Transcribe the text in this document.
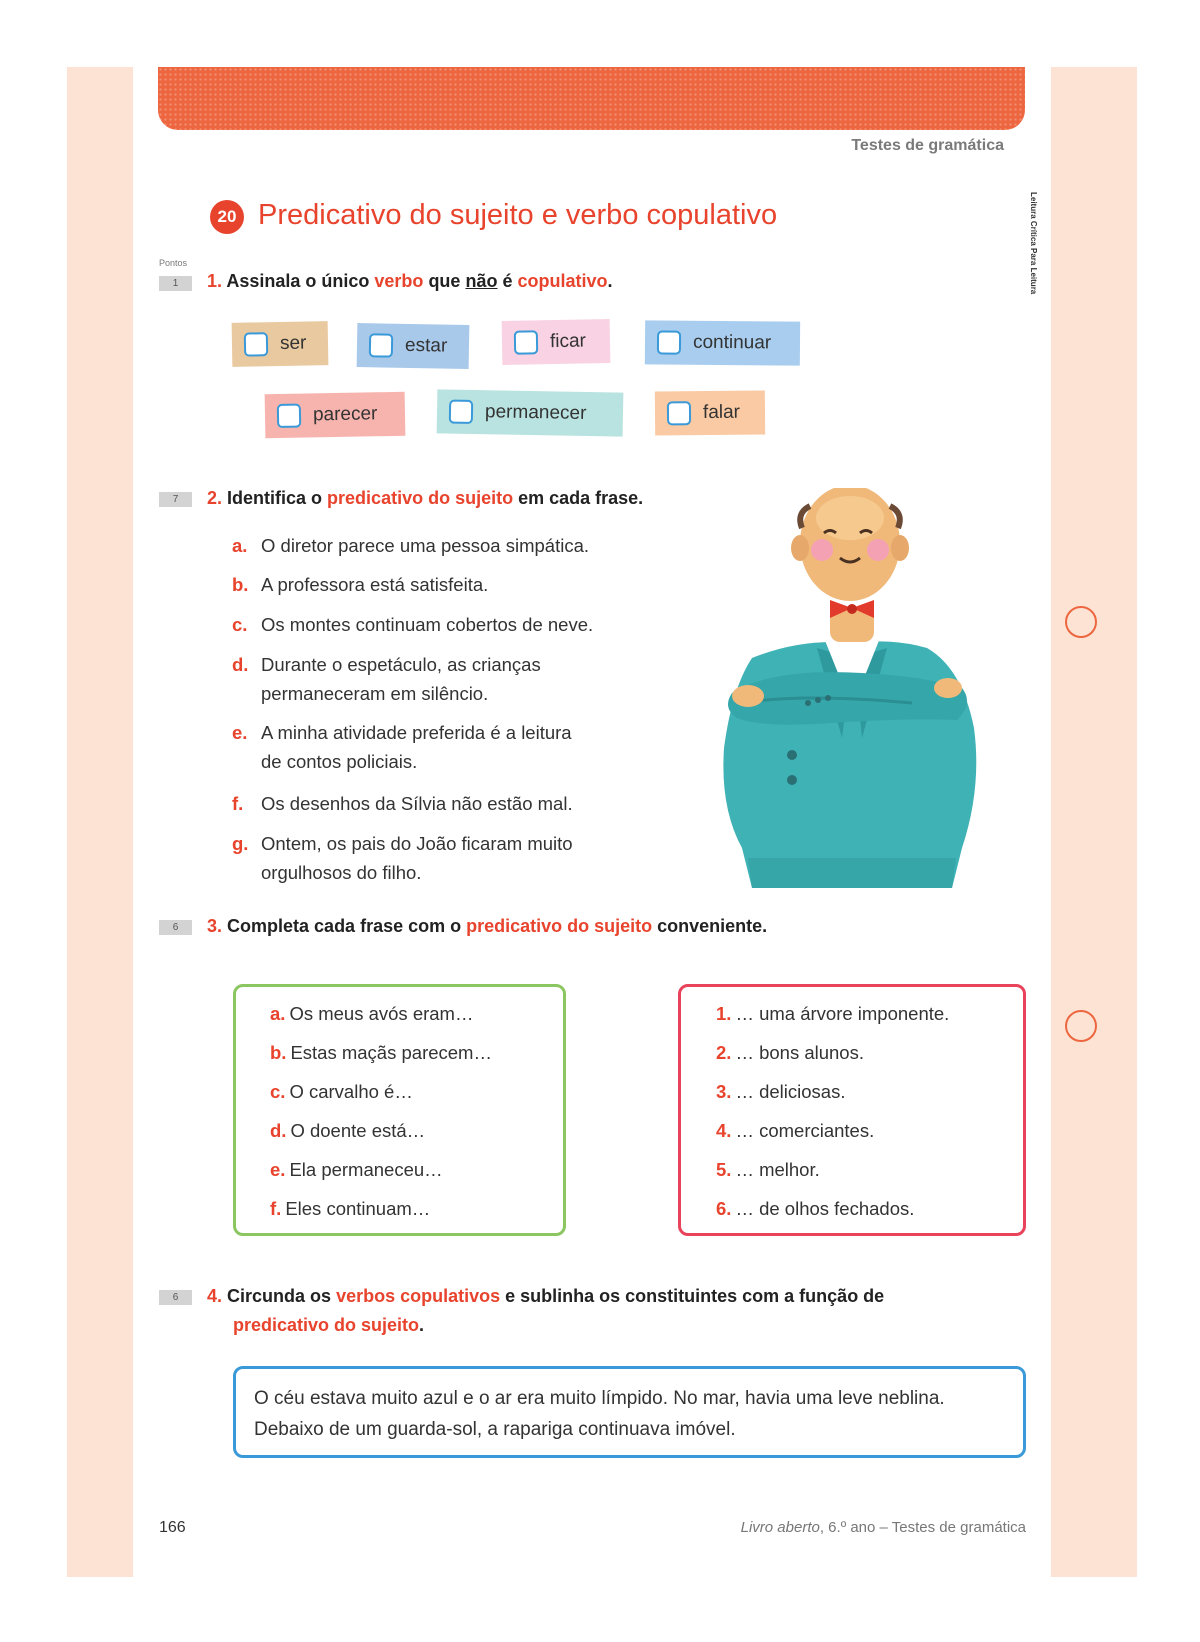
Testes de gramática
Leitura Crítica Para Leitura
20 Predicativo do sujeito e verbo copulativo
Pontos
1	1. Assinala o único verbo que não é copulativo.
ser	estar	ficar	continuar
parecer	permanecer	falar
7	2. Identifica o predicativo do sujeito em cada frase.
a. O diretor parece uma pessoa simpática.
b. A professora está satisfeita.
c. Os montes continuam cobertos de neve.
d. Durante o espetáculo, as crianças
permaneceram em silêncio.
e. A minha atividade preferida é a leitura
de contos policiais.
f. Os desenhos da Sílvia não estão mal.
g. Ontem, os pais do João ficaram muito
orgulhosos do filho.
6	3. Completa cada frase com o predicativo do sujeito conveniente.
a. Os meus avós eram…
b. Estas maçãs parecem…
c. O carvalho é…
d. O doente está…
e. Ela permaneceu…
f. Eles continuam…
1. … uma árvore imponente.
2. … bons alunos.
3. … deliciosas.
4. … comerciantes.
5. … melhor.
6. … de olhos fechados.
6	4. Circunda os verbos copulativos e sublinha os constituintes com a função de
predicativo do sujeito.
O céu estava muito azul e o ar era muito límpido. No mar, havia uma leve neblina.
Debaixo de um guarda-sol, a rapariga continuava imóvel.
166	Livro aberto, 6.º ano – Testes de gramática
